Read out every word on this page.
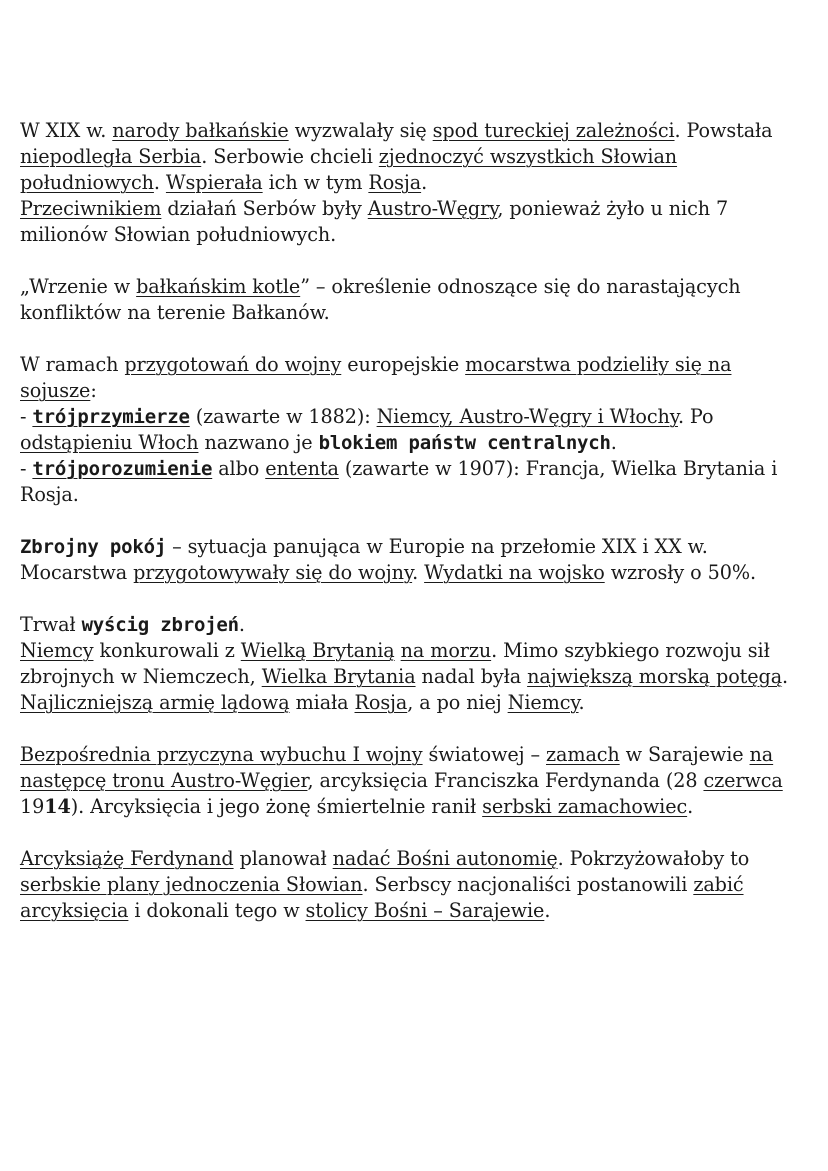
W XIX w. narody bałkańskie wyzwalały się spod tureckiej zależności. Powstała niepodległa Serbia. Serbowie chcieli zjednoczyć wszystkich Słowian południowych. Wspierała ich w tym Rosja.
Przeciwnikiem działań Serbów były Austro-Węgry, ponieważ żyło u nich 7 milionów Słowian południowych.

„Wrzenie w bałkańskim kotle” – określenie odnoszące się do narastających konfliktów na terenie Bałkanów.

W ramach przygotowań do wojny europejskie mocarstwa podzieliły się na sojusze:
- trójprzymierze (zawarte w 1882): Niemcy, Austro-Węgry i Włochy. Po odstąpieniu Włoch nazwano je blokiem państw centralnych.
- trójporozumienie albo ententa (zawarte w 1907): Francja, Wielka Brytania i Rosja.

Zbrojny pokój – sytuacja panująca w Europie na przełomie XIX i XX w. Mocarstwa przygotowywały się do wojny. Wydatki na wojsko wzrosły o 50%.

Trwał wyścig zbrojeń.
Niemcy konkurowali z Wielką Brytanią na morzu. Mimo szybkiego rozwoju sił zbrojnych w Niemczech, Wielka Brytania nadal była największą morską potęgą.
Najliczniejszą armię lądową miała Rosja, a po niej Niemcy.

Bezpośrednia przyczyna wybuchu I wojny światowej – zamach w Sarajewie na następcę tronu Austro-Węgier, arcyksięcia Franciszka Ferdynanda (28 czerwca 1914). Arcyksięcia i jego żonę śmiertelnie ranił serbski zamachowiec.

Arcyksiążę Ferdynand planował nadać Bośni autonomię. Pokrzyżowałoby to serbskie plany jednoczenia Słowian. Serbscy nacjonaliści postanowili zabić arcyksięcia i dokonali tego w stolicy Bośni – Sarajewie.
